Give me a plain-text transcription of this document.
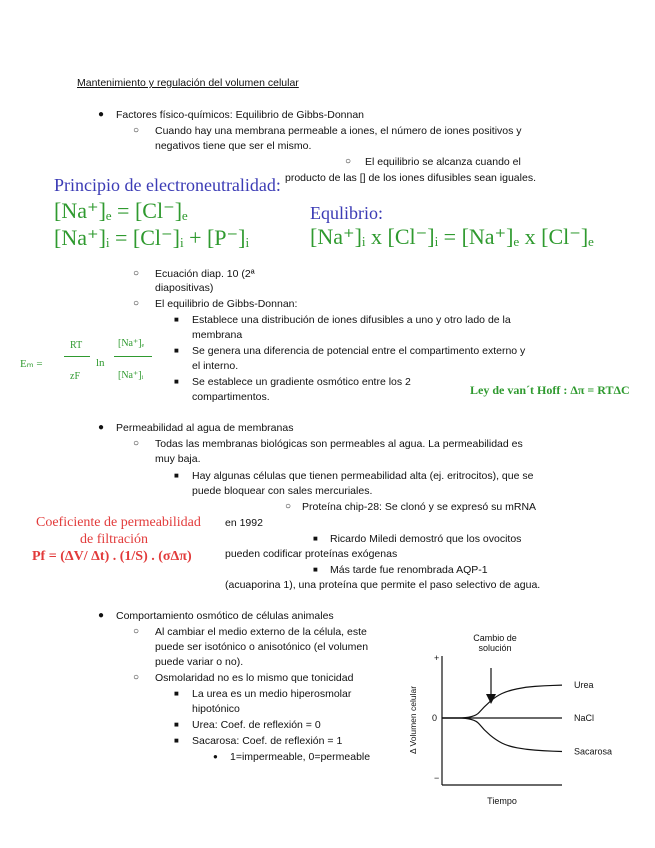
Mantenimiento y regulación del volumen celular
● Factores físico-químicos: Equilibrio de Gibbs-Donnan
○ Cuando hay una membrana permeable a iones, el número de iones positivos y
negativos tiene que ser el mismo.
○ El equilibrio se alcanza cuando el
producto de las [] de los iones difusibles sean iguales.
Principio de electroneutralidad:
[Na⁺]ₑ = [Cl⁻]ₑ
[Na⁺]ᵢ = [Cl⁻]ᵢ + [P⁻]ᵢ
Equlibrio:
[Na⁺]ᵢ x [Cl⁻]ᵢ = [Na⁺]ₑ x [Cl⁻]ₑ
○ Ecuación diap. 10 (2ª
diapositivas)
○ El equilibrio de Gibbs-Donnan:
■ Establece una distribución de iones difusibles a uno y otro lado de la
membrana
■ Se genera una diferencia de potencial entre el compartimento externo y
el interno.
■ Se establece un gradiente osmótico entre los 2
compartimentos.
Eₘ =
RT
zF
ln
[Na⁺]ₑ
[Na⁺]ᵢ
Ley de van´t Hoff : Δπ = RTΔC
● Permeabilidad al agua de membranas
○ Todas las membranas biológicas son permeables al agua. La permeabilidad es
muy baja.
■ Hay algunas células que tienen permeabilidad alta (ej. eritrocitos), que se
puede bloquear con sales mercuriales.
○ Proteína chip-28: Se clonó y se expresó su mRNA
en 1992
■ Ricardo Miledi demostró que los ovocitos
pueden codificar proteínas exógenas
■ Más tarde fue renombrada AQP-1
(acuaporina 1), una proteína que permite el paso selectivo de agua.
Coeficiente de permeabilidad
de filtración
Pf = (ΔV/ Δt) . (1/S) . (σΔπ)
● Comportamiento osmótico de células animales
○ Al cambiar el medio externo de la célula, este
puede ser isotónico o anisotónico (el volumen
puede variar o no).
○ Osmolaridad no es lo mismo que tonicidad
■ La urea es un medio hiperosmolar
hipotónico
■ Urea: Coef. de reflexión = 0
■ Sacarosa: Coef. de reflexión = 1
● 1=impermeable, 0=permeable
Cambio de
solución
+
0
−
Δ Volumen celular
Tiempo
Urea
NaCl
Sacarosa
